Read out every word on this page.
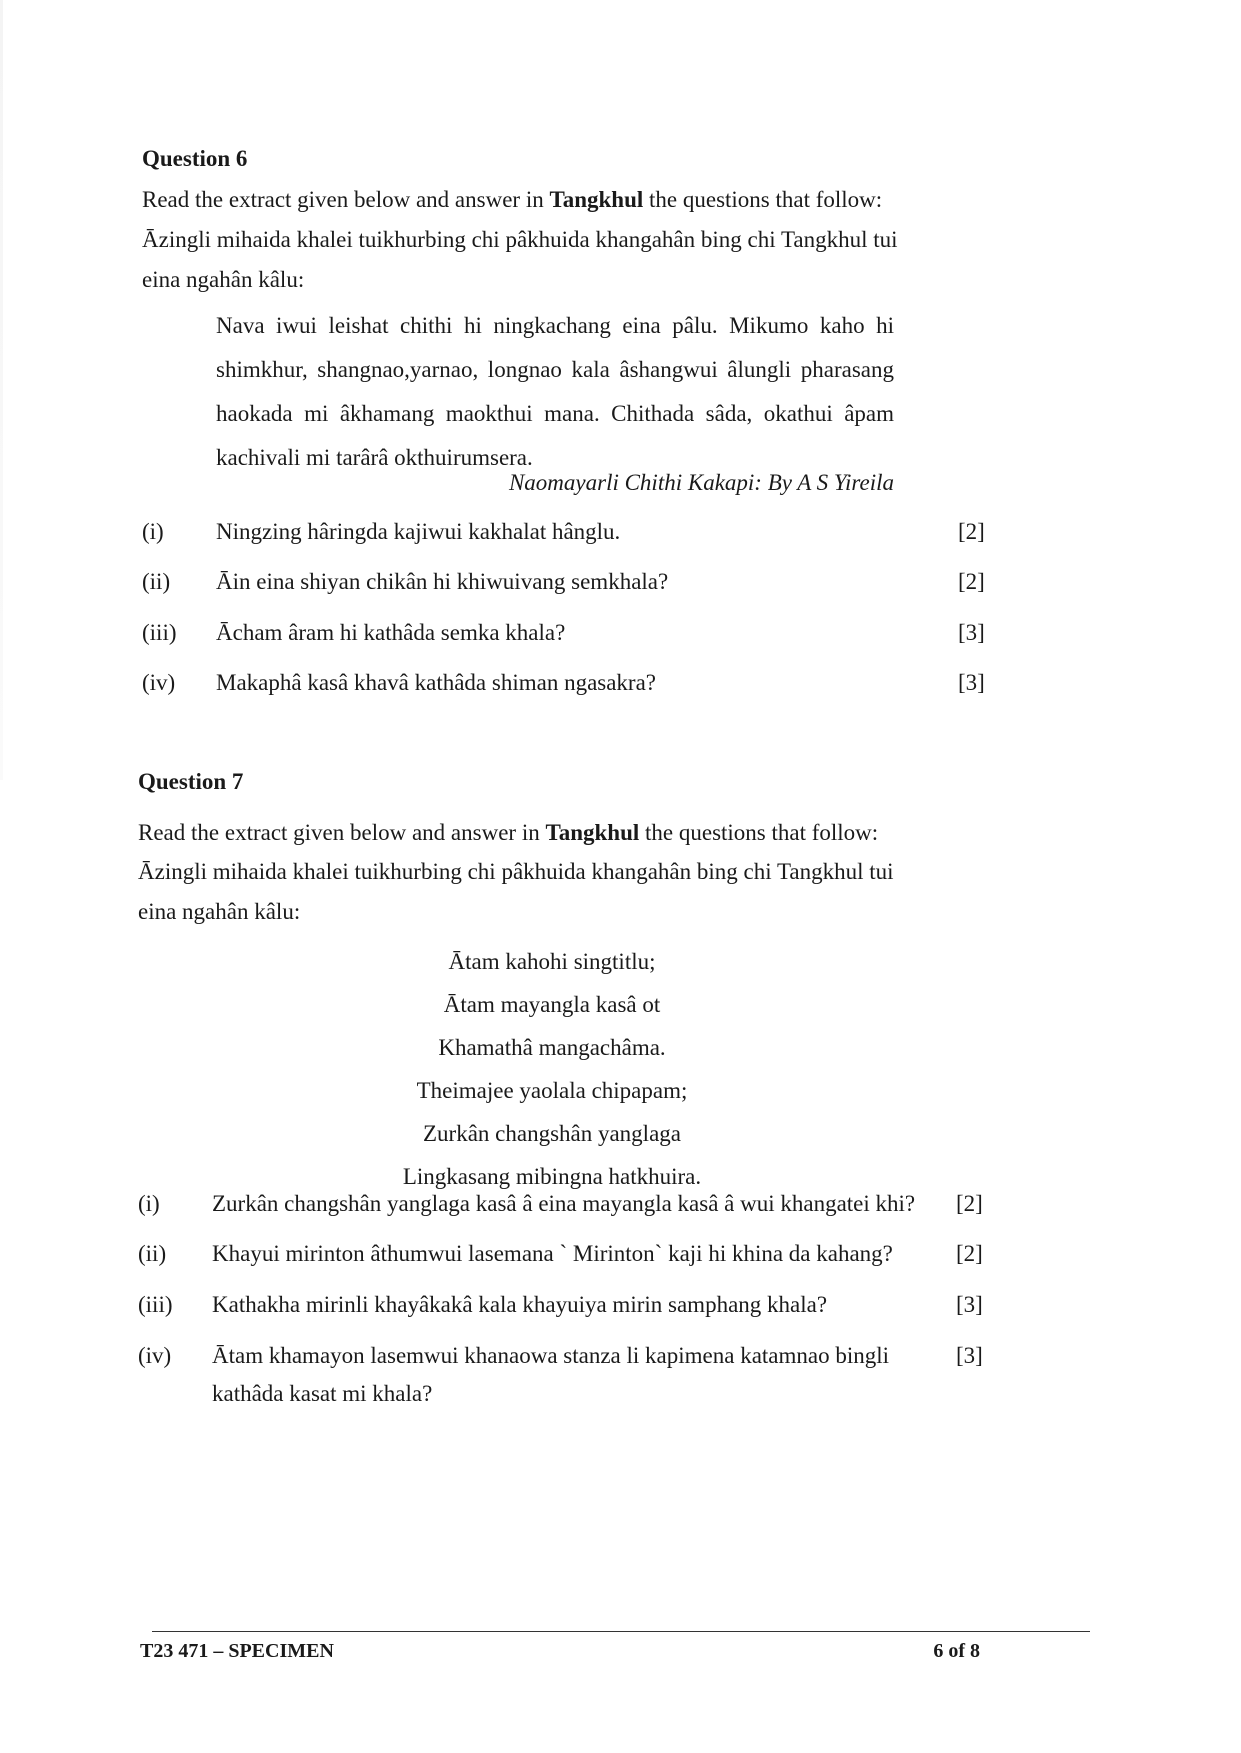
Question 6
Read the extract given below and answer in Tangkhul the questions that follow:
Āzingli mihaida khalei tuikhurbing chi pâkhuida khangahân bing chi Tangkhul tui
eina ngahân kâlu:
Nava iwui leishat chithi hi ningkachang eina pâlu. Mikumo kaho hi
shimkhur, shangnao,yarnao, longnao kala âshangwui âlungli pharasang
haokada mi âkhamang maokthui mana. Chithada sâda, okathui âpam
kachivali mi tarârâ okthuirumsera.
Naomayarli Chithi Kakapi: By A S Yireila
(i) Ningzing hâringda kajiwui kakhalat hânglu.	[2]
(ii) Āin eina shiyan chikân hi khiwuivang semkhala?	[2]
(iii) Ācham âram hi kathâda semka khala?	[3]
(iv) Makaphâ kasâ khavâ kathâda shiman ngasakra?	[3]
Question 7
Read the extract given below and answer in Tangkhul the questions that follow:
Āzingli mihaida khalei tuikhurbing chi pâkhuida khangahân bing chi Tangkhul tui
eina ngahân kâlu:
Ātam kahohi singtitlu;
Ātam mayangla kasâ ot
Khamathâ mangachâma.
Theimajee yaolala chipapam;
Zurkân changshân yanglaga
Lingkasang mibingna hatkhuira.
(i) Zurkân changshân yanglaga kasâ â eina mayangla kasâ â wui khangatei khi? [2]
(ii) Khayui mirinton âthumwui lasemana ` Mirinton` kaji hi khina da kahang?	[2]
(iii) Kathakha mirinli khayâkakâ kala khayuiya mirin samphang khala?	[3]
(iv) Ātam khamayon lasemwui khanaowa stanza li kapimena katamnao bingli
kathâda kasat mi khala?
[3]
T23 471 – SPECIMEN	6 of 8
